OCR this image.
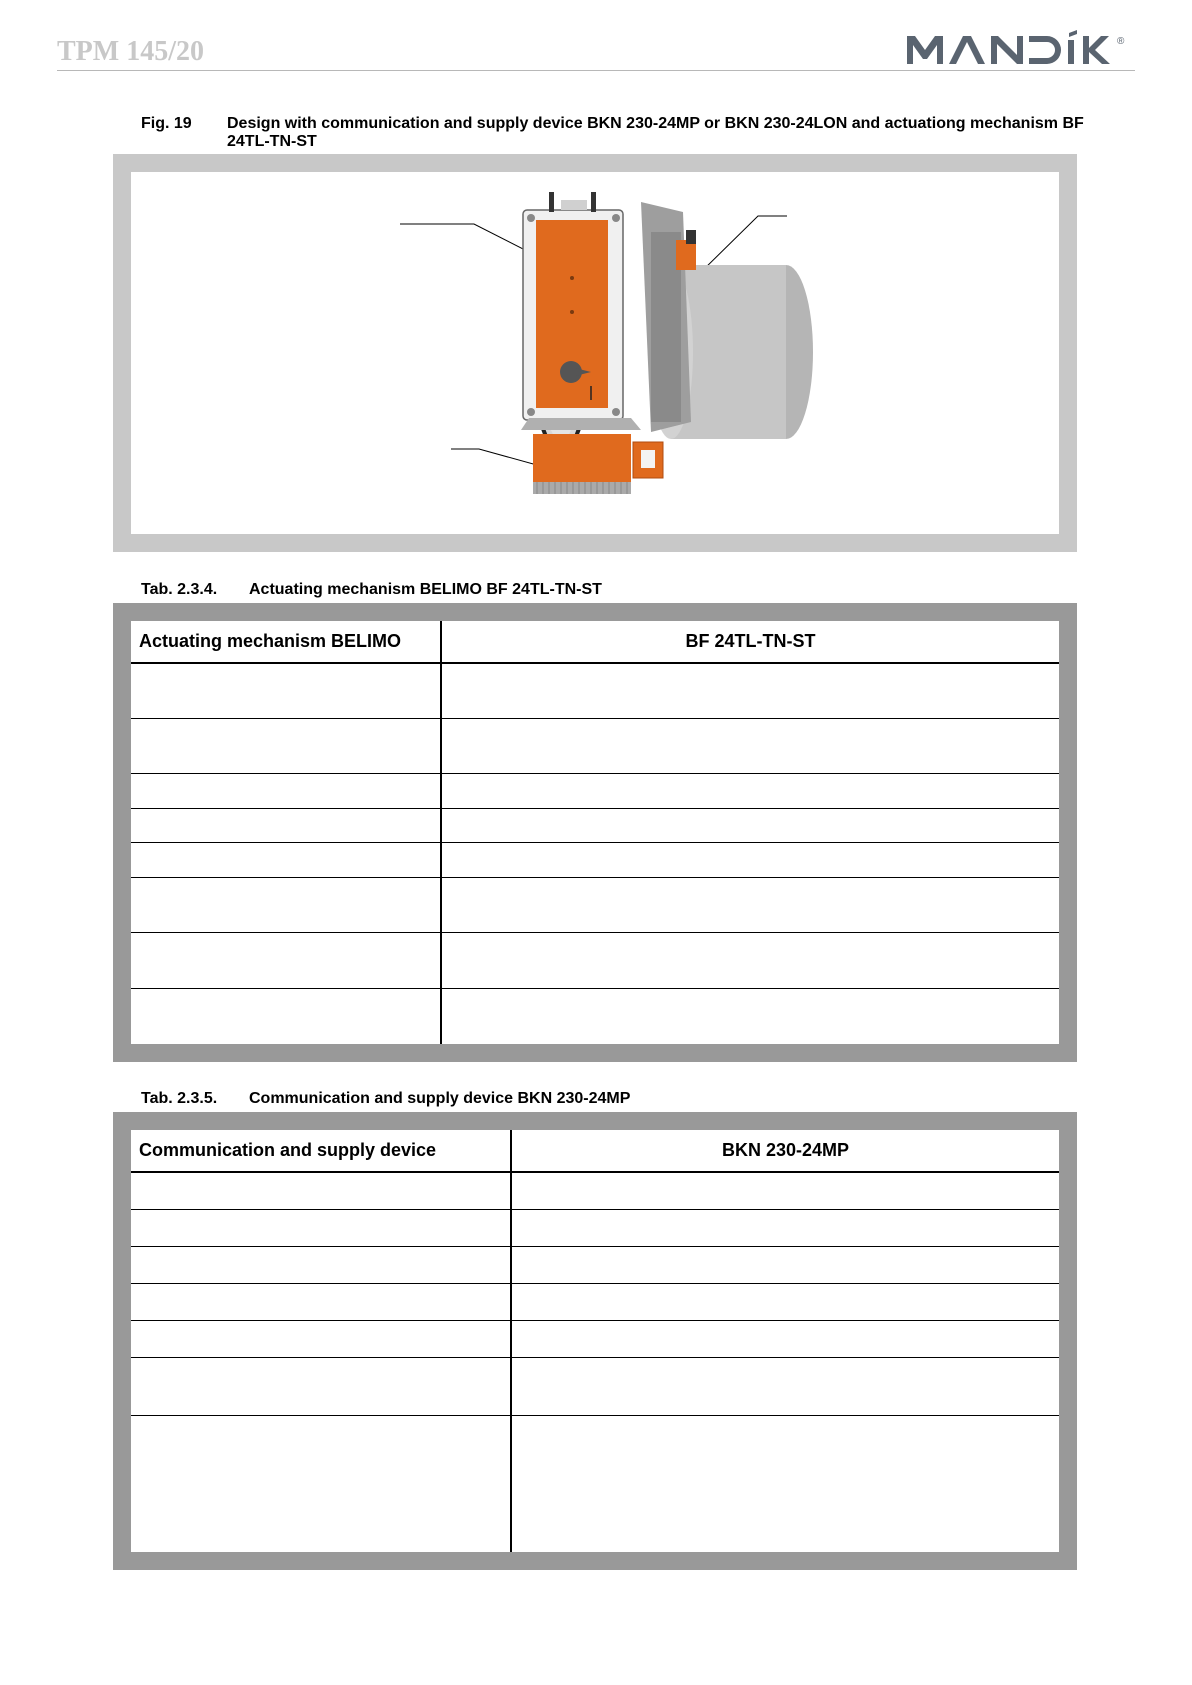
TPM 145/20	®
Fig. 19 Design with communication and supply device BKN 230-24MP or BKN 230-24LON and actuationg mechanism BF 24TL-TN-ST
Tab. 2.3.4. Actuating mechanism BELIMO BF 24TL-TN-ST
Actuating mechanism BELIMO	BF 24TL-TN-ST

Tab. 2.3.5. Communication and supply device BKN 230-24MP
Communication and supply device	BKN 230-24MP
